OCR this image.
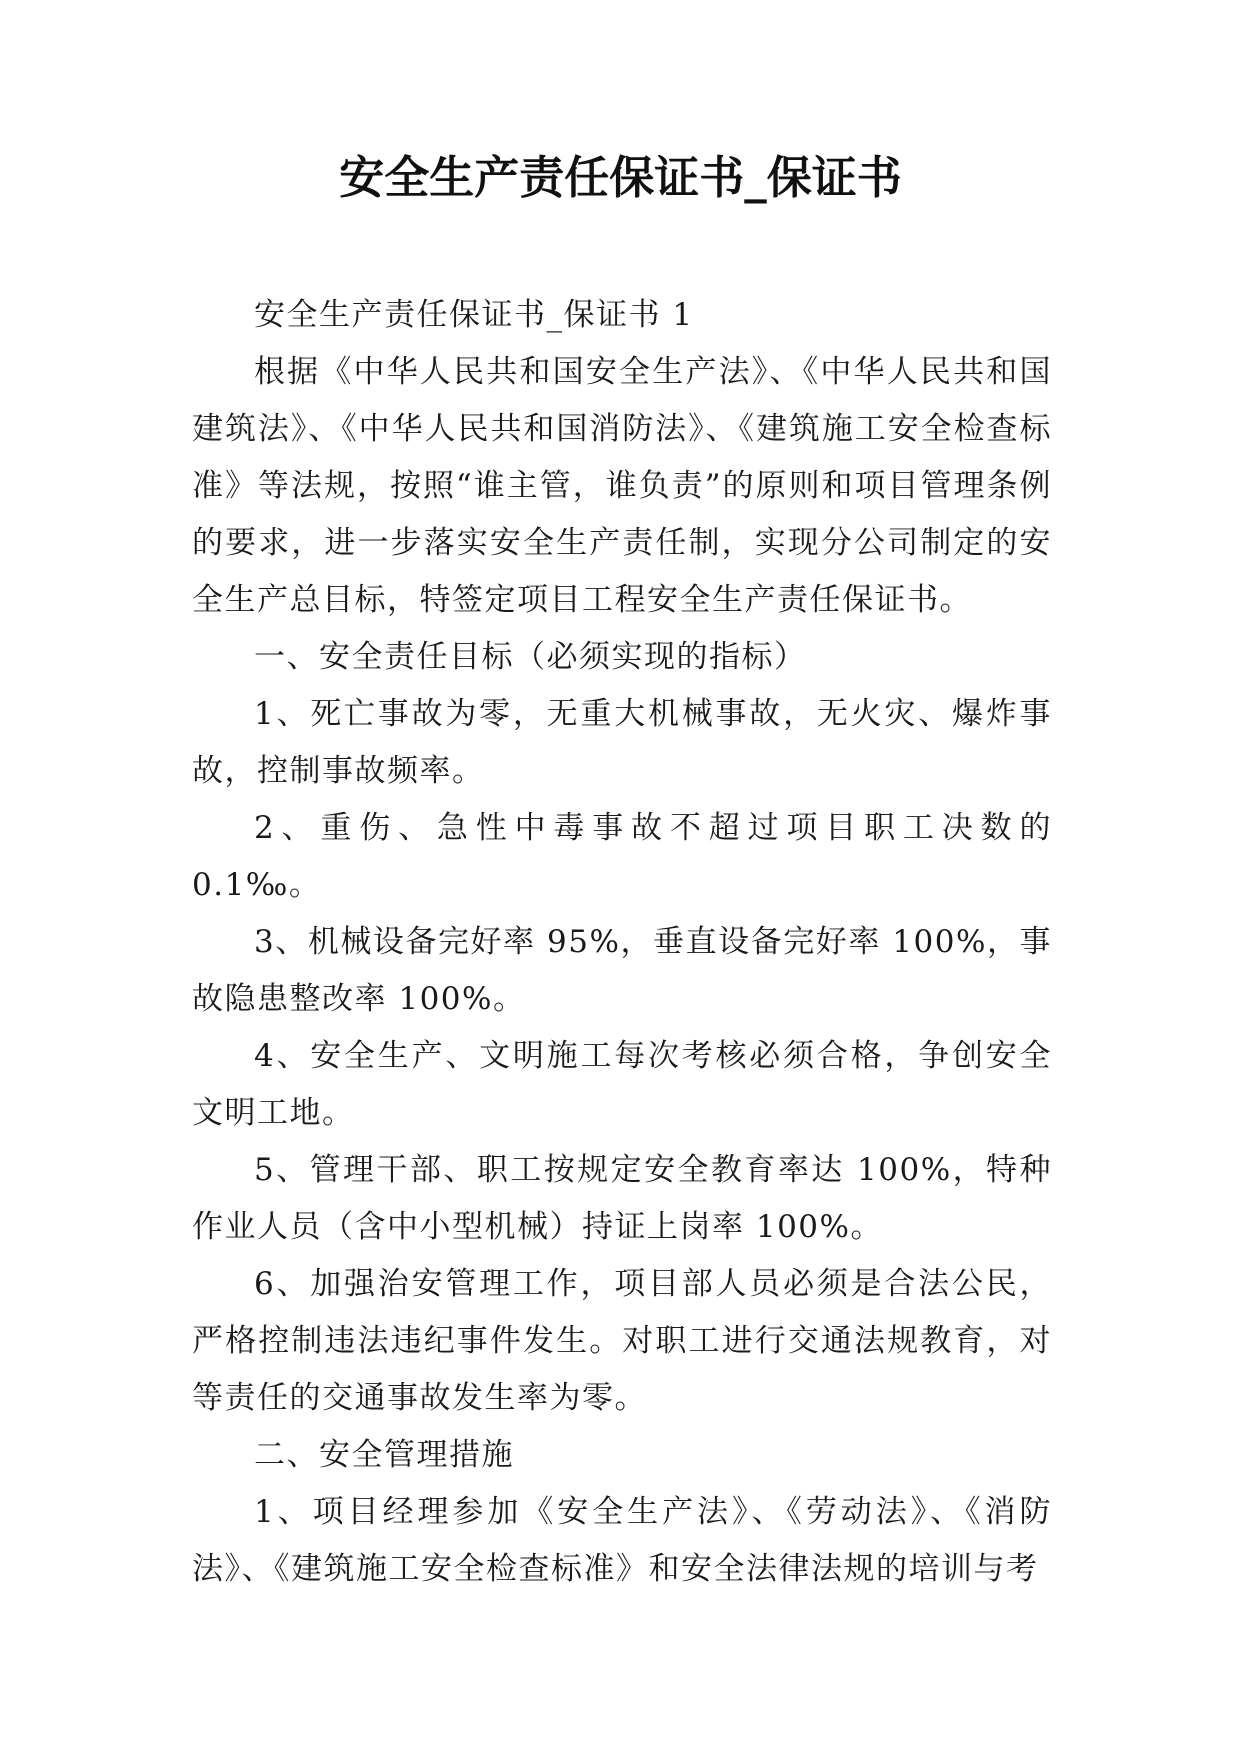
安全生产责任保证书_保证书

安全生产责任保证书_保证书 1

根据《中华人民共和国安全生产法》、《中华人民共和国建筑法》、《中华人民共和国消防法》、《建筑施工安全检查标准》等法规，按照“谁主管，谁负责”的原则和项目管理条例的要求，进一步落实安全生产责任制，实现分公司制定的安全生产总目标，特签定项目工程安全生产责任保证书。

一、安全责任目标（必须实现的指标）

1、死亡事故为零，无重大机械事故，无火灾、爆炸事故，控制事故频率。

2、重伤、急性中毒事故不超过项目职工决数的 0.1‰。

3、机械设备完好率 95%，垂直设备完好率 100%，事故隐患整改率 100%。

4、安全生产、文明施工每次考核必须合格，争创安全文明工地。

5、管理干部、职工按规定安全教育率达 100%，特种作业人员（含中小型机械）持证上岗率 100%。

6、加强治安管理工作，项目部人员必须是合法公民，严格控制违法违纪事件发生。对职工进行交通法规教育，对等责任的交通事故发生率为零。

二、安全管理措施

1、项目经理参加《安全生产法》、《劳动法》、《消防法》、《建筑施工安全检查标准》和安全法律法规的培训与考
